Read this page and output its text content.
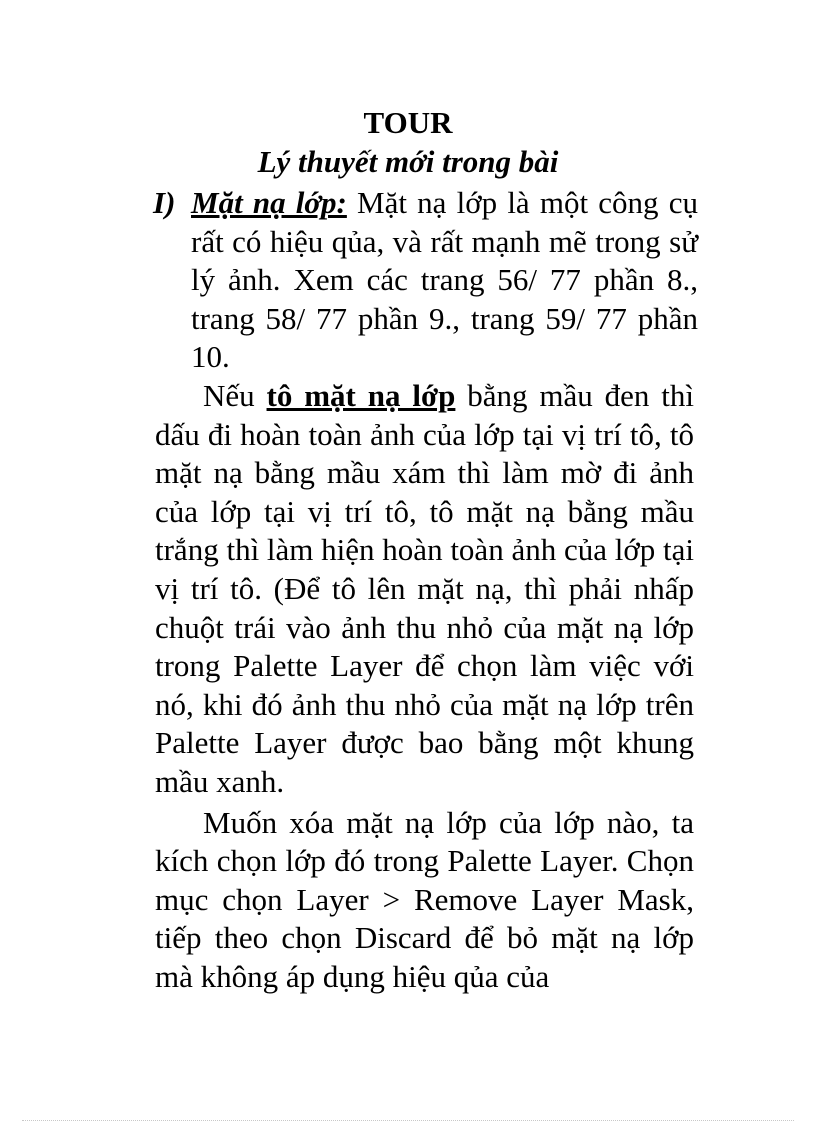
TOUR
Lý thuyết mới trong bài
I) Mặt nạ lớp: Mặt nạ lớp là một công cụ rất có hiệu qủa, và rất mạnh mẽ trong sử lý ảnh. Xem các trang 56/ 77 phần 8., trang 58/ 77 phần 9., trang 59/ 77 phần 10.

Nếu tô mặt nạ lớp bằng mầu đen thì dấu đi hoàn toàn ảnh của lớp tại vị trí tô, tô mặt nạ bằng mầu xám thì làm mờ đi ảnh của lớp tại vị trí tô, tô mặt nạ bằng mầu trắng thì làm hiện hoàn toàn ảnh của lớp tại vị trí tô. (Để tô lên mặt nạ, thì phải nhấp chuột trái vào ảnh thu nhỏ của mặt nạ lớp trong Palette Layer để chọn làm việc với nó, khi đó ảnh thu nhỏ của mặt nạ lớp trên Palette Layer được bao bằng một khung mầu xanh.

Muốn xóa mặt nạ lớp của lớp nào, ta kích chọn lớp đó trong Palette Layer. Chọn mục chọn Layer > Remove Layer Mask, tiếp theo chọn Discard để bỏ mặt nạ lớp mà không áp dụng hiệu qủa của
